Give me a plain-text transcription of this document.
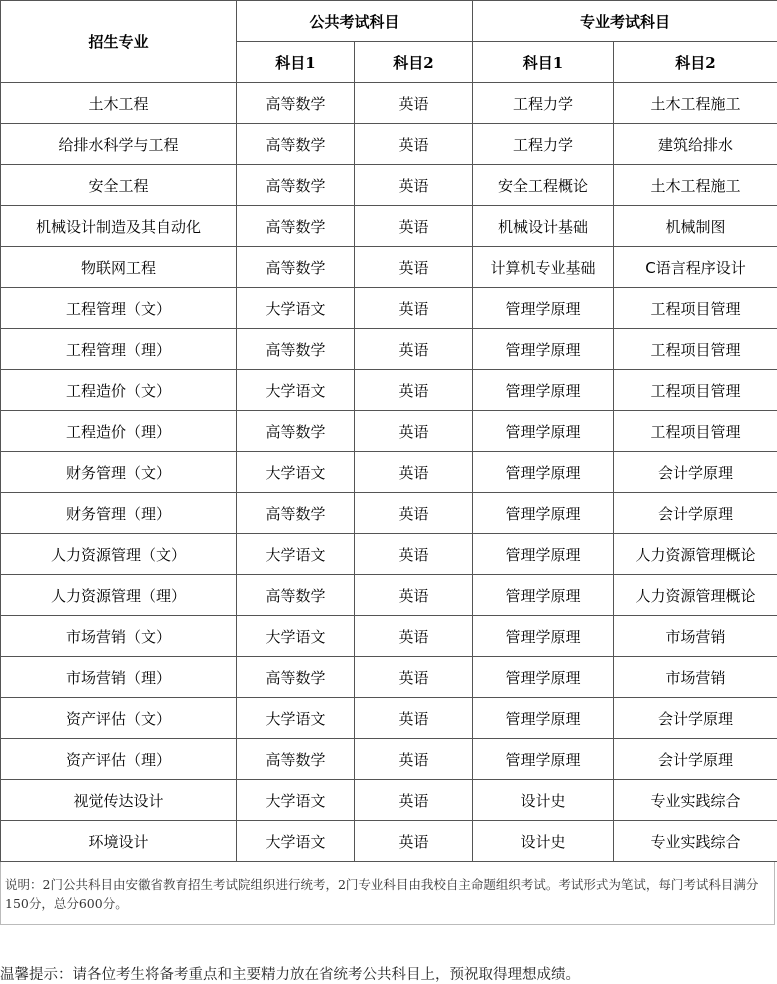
招生专业	公共考试科目		专业考试科目	
	科目1	科目2	科目1	科目2
土木工程	高等数学	英语	工程力学	土木工程施工
给排水科学与工程	高等数学	英语	工程力学	建筑给排水
安全工程	高等数学	英语	安全工程概论	土木工程施工
机械设计制造及其自动化	高等数学	英语	机械设计基础	机械制图
物联网工程	高等数学	英语	计算机专业基础	C语言程序设计
工程管理（文）	大学语文	英语	管理学原理	工程项目管理
工程管理（理）	高等数学	英语	管理学原理	工程项目管理
工程造价（文）	大学语文	英语	管理学原理	工程项目管理
工程造价（理）	高等数学	英语	管理学原理	工程项目管理
财务管理（文）	大学语文	英语	管理学原理	会计学原理
财务管理（理）	高等数学	英语	管理学原理	会计学原理
人力资源管理（文）	大学语文	英语	管理学原理	人力资源管理概论
人力资源管理（理）	高等数学	英语	管理学原理	人力资源管理概论
市场营销（文）	大学语文	英语	管理学原理	市场营销
市场营销（理）	高等数学	英语	管理学原理	市场营销
资产评估（文）	大学语文	英语	管理学原理	会计学原理
资产评估（理）	高等数学	英语	管理学原理	会计学原理
视觉传达设计	大学语文	英语	设计史	专业实践综合
环境设计	大学语文	英语	设计史	专业实践综合
说明：2门公共科目由安徽省教育招生考试院组织进行统考，2门专业科目由我校自主命题组织考试。考试形式为笔试，每门考试科目满分150分，总分600分。
温馨提示：请各位考生将备考重点和主要精力放在省统考公共科目上，预祝取得理想成绩。
